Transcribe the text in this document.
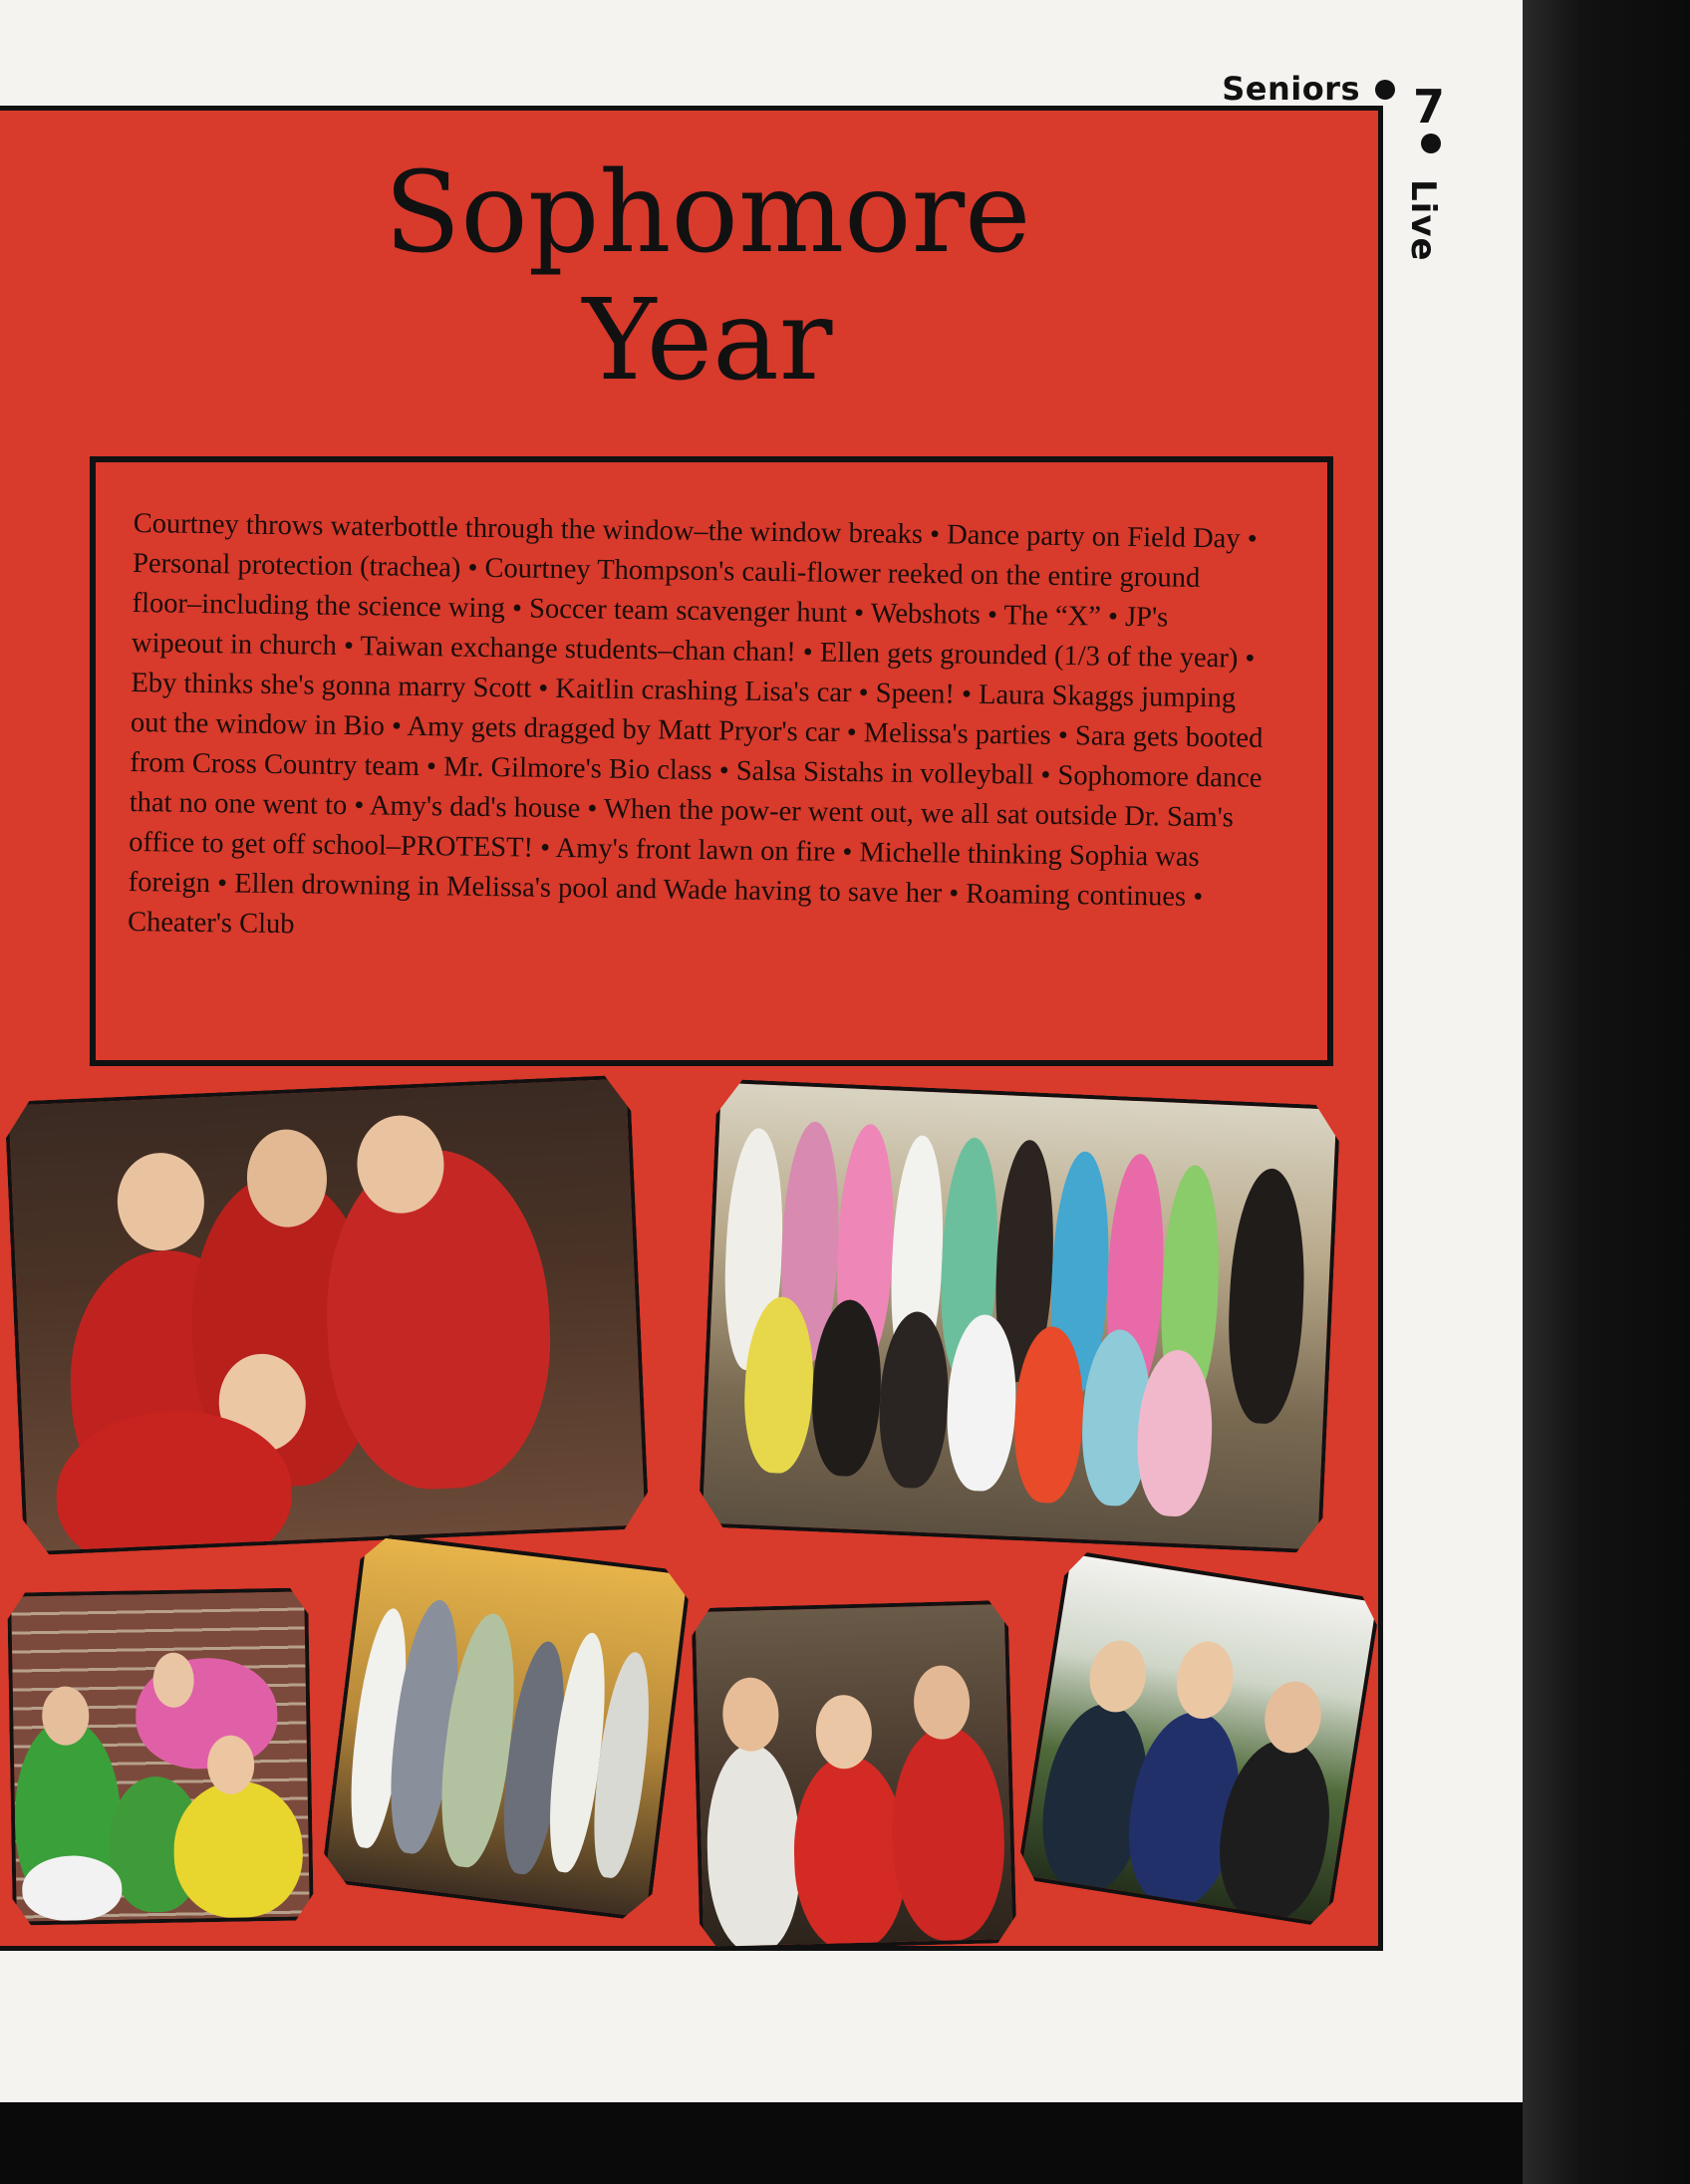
Seniors 7
Live
Sophomore
Year
Courtney throws waterbottle through the window–the window breaks • Dance party on Field Day • Personal protection (trachea) • Courtney Thompson's cauli-flower reeked on the entire ground floor–including the science wing • Soccer team scavenger hunt • Webshots • The “X” • JP's wipeout in church • Taiwan exchange students–chan chan! • Ellen gets grounded (1/3 of the year) • Eby thinks she's gonna marry Scott • Kaitlin crashing Lisa's car • Speen! • Laura Skaggs jumping out the window in Bio • Amy gets dragged by Matt Pryor's car • Melissa's parties • Sara gets booted from Cross Country team • Mr. Gilmore's Bio class • Salsa Sistahs in volleyball • Sophomore dance that no one went to • Amy's dad's house • When the pow-er went out, we all sat outside Dr. Sam's office to get off school–PROTEST! • Amy's front lawn on fire • Michelle thinking Sophia was foreign • Ellen drowning in Melissa's pool and Wade having to save her • Roaming continues • Cheater's Club
